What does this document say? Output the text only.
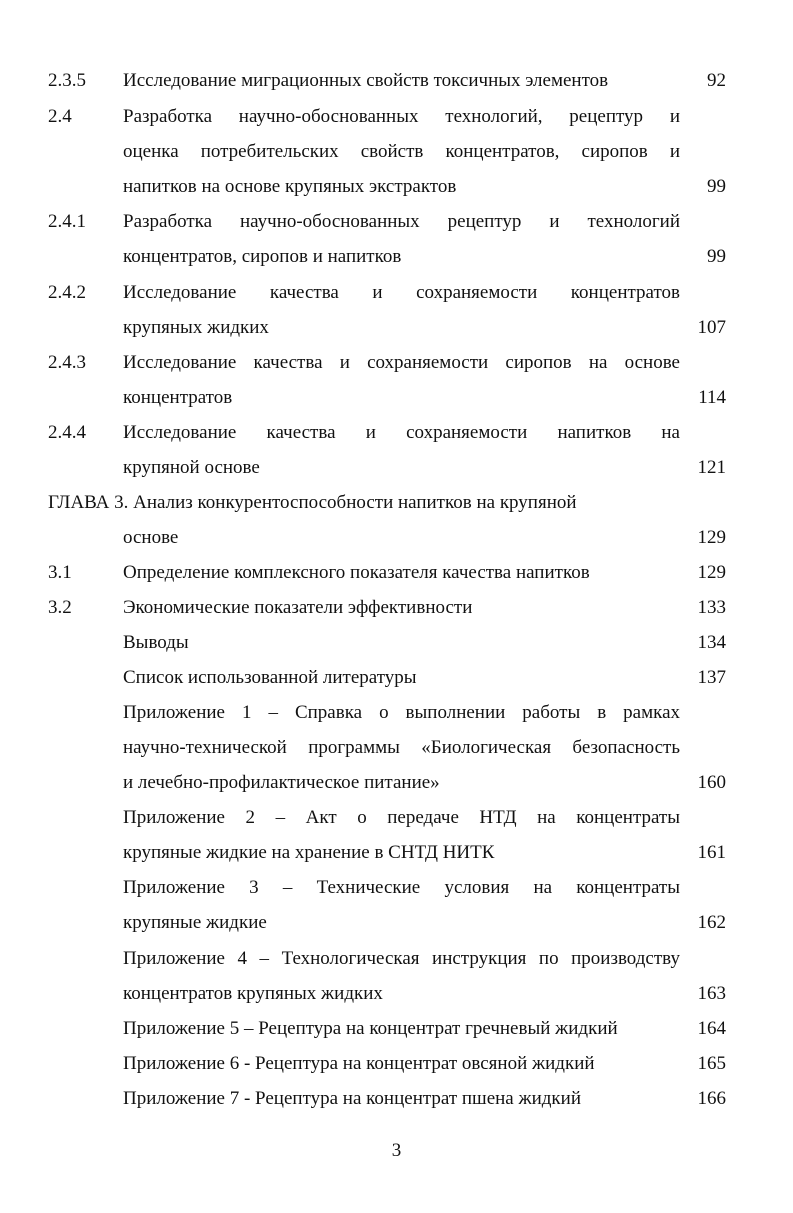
2.3.5 Исследование миграционных свойств токсичных элементов	92
2.4	Разработка научно-обоснованных технологий, рецептур и
оценка потребительских свойств концентратов, сиропов и
напитков на основе крупяных экстрактов	99
2.4.1 Разработка научно-обоснованных рецептур и технологий
концентратов, сиропов и напитков	99
2.4.2 Исследование качества и сохраняемости концентратов
крупяных жидких	107
2.4.3 Исследование качества и сохраняемости сиропов на основе
концентратов	114
2.4.4 Исследование качества и сохраняемости напитков на
крупяной основе	121
ГЛАВА 3. Анализ конкурентоспособности напитков на крупяной
основе	129
3.1	Определение комплексного показателя качества напитков	129
3.2	Экономические показатели эффективности	133
Выводы	134
Список использованной литературы	137
Приложение 1 – Справка о выполнении работы в рамках
научно-технической программы «Биологическая безопасность
и лечебно-профилактическое питание»	160
Приложение 2 – Акт о передаче НТД на концентраты
крупяные жидкие на хранение в СНТД НИТК	161
Приложение 3 – Технические условия на концентраты
крупяные жидкие	162
Приложение 4 – Технологическая инструкция по производству
концентратов крупяных жидких	163
Приложение 5 – Рецептура на концентрат гречневый жидкий	164
Приложение 6 - Рецептура на концентрат овсяной жидкий	165
Приложение 7 - Рецептура на концентрат пшена жидкий	166
3
